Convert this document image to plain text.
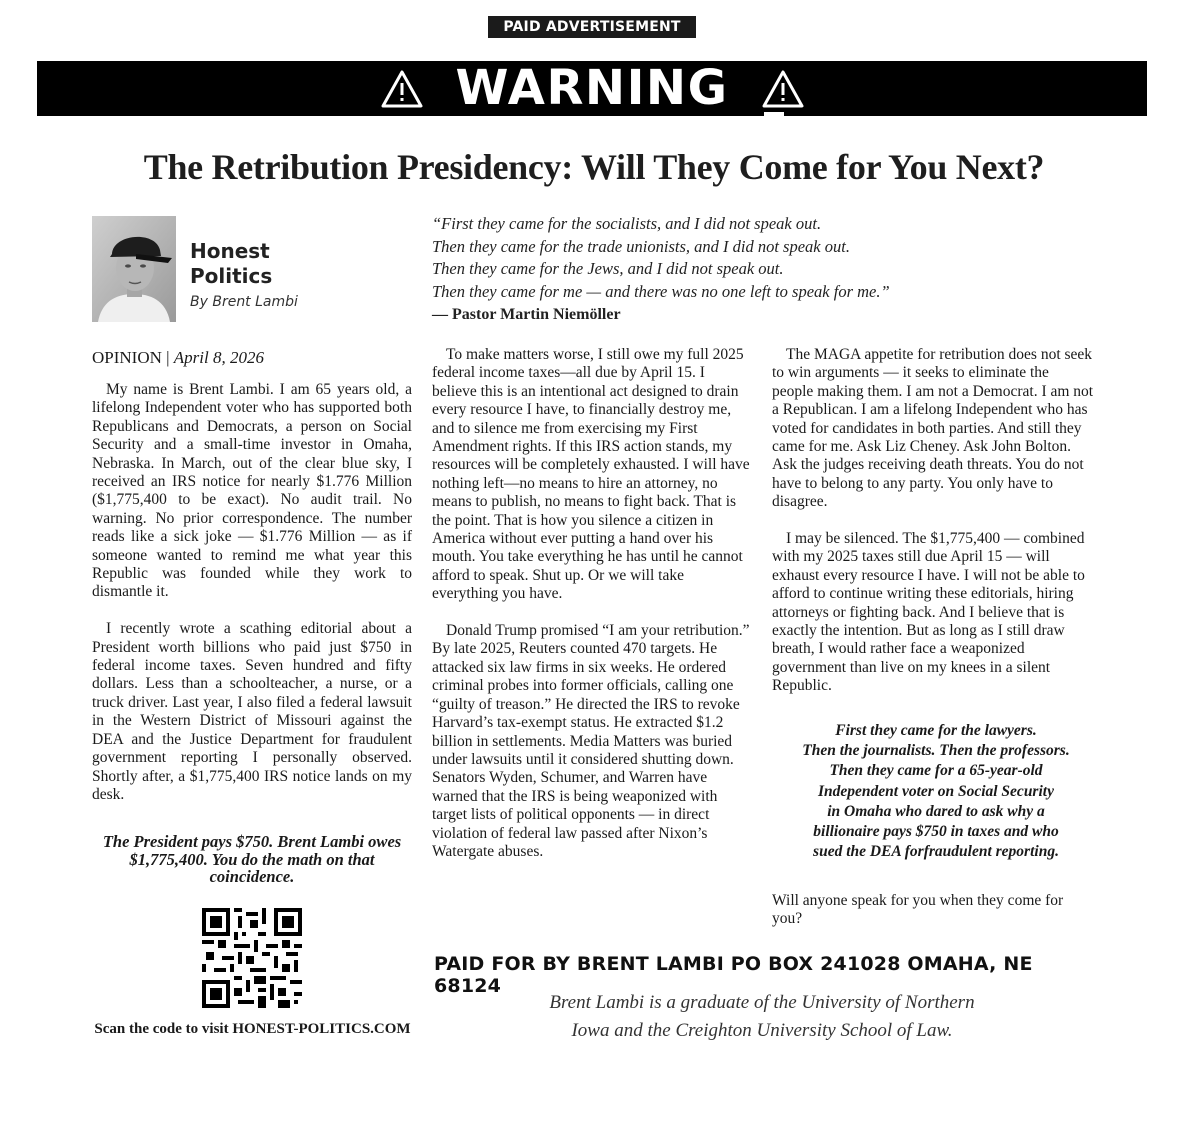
PAID ADVERTISEMENT
WARNING
The Retribution Presidency: Will They Come for You Next?
Honest
Politics
By Brent Lambi
“First they came for the socialists, and I did not speak out.
Then they came for the trade unionists, and I did not speak out.
Then they came for the Jews, and I did not speak out.
Then they came for me — and there was no one left to speak for me.”
— Pastor Martin Niemöller
OPINION | April 8, 2026

My name is Brent Lambi. I am 65 years old, a lifelong Independent voter who has supported both Republicans and Democrats, a person on Social Security and a small-time investor in Omaha, Nebraska. In March, out of the clear blue sky, I received an IRS notice for nearly $1.776 Million ($1,775,400 to be exact). No audit trail. No warning. No prior correspondence. The number reads like a sick joke — $1.776 Million — as if someone wanted to remind me what year this Republic was founded while they work to dismantle it.

I recently wrote a scathing editorial about a President worth billions who paid just $750 in federal income taxes. Seven hundred and fifty dollars. Less than a schoolteacher, a nurse, or a truck driver. Last year, I also filed a federal lawsuit in the Western District of Missouri against the DEA and the Justice Department for fraudulent government reporting I personally observed. Shortly after, a $1,775,400 IRS notice lands on my desk.

The President pays $750. Brent Lambi owes $1,775,400. You do the math on that coincidence.

To make matters worse, I still owe my full 2025 federal income taxes—all due by April 15. I believe this is an intentional act designed to drain every resource I have, to financially destroy me, and to silence me from exercising my First Amendment rights. If this IRS action stands, my resources will be completely exhausted. I will have nothing left—no means to hire an attorney, no means to publish, no means to fight back. That is the point. That is how you silence a citizen in America without ever putting a hand over his mouth. You take everything he has until he cannot afford to speak. Shut up. Or we will take everything you have.

Donald Trump promised “I am your retribution.” By late 2025, Reuters counted 470 targets. He attacked six law firms in six weeks. He ordered criminal probes into former officials, calling one “guilty of treason.” He directed the IRS to revoke Harvard’s tax-exempt status. He extracted $1.2 billion in settlements. Media Matters was buried under lawsuits until it considered shutting down. Senators Wyden, Schumer, and Warren have warned that the IRS is being weaponized with target lists of political opponents — in direct violation of federal law passed after Nixon’s Watergate abuses.

The MAGA appetite for retribution does not seek to win arguments — it seeks to eliminate the people making them. I am not a Democrat. I am not a Republican. I am a lifelong Independent who has voted for candidates in both parties. And still they came for me. Ask Liz Cheney. Ask John Bolton. Ask the judges receiving death threats. You do not have to belong to any party. You only have to disagree.

I may be silenced. The $1,775,400 — combined with my 2025 taxes still due April 15 — will exhaust every resource I have. I will not be able to afford to continue writing these editorials, hiring attorneys or fighting back. And I believe that is exactly the intention. But as long as I still draw breath, I would rather face a weaponized government than live on my knees in a silent Republic.

First they came for the lawyers.
Then the journalists. Then the professors.
Then they came for a 65-year-old
Independent voter on Social Security
in Omaha who dared to ask why a
billionaire pays $750 in taxes and who
sued the DEA forfraudulent reporting.
Will anyone speak for you when they come for you?
Scan the code to visit HONEST-POLITICS.COM
PAID FOR BY BRENT LAMBI PO BOX 241028 OMAHA, NE 68124
Brent Lambi is a graduate of the University of Northern
Iowa and the Creighton University School of Law.
